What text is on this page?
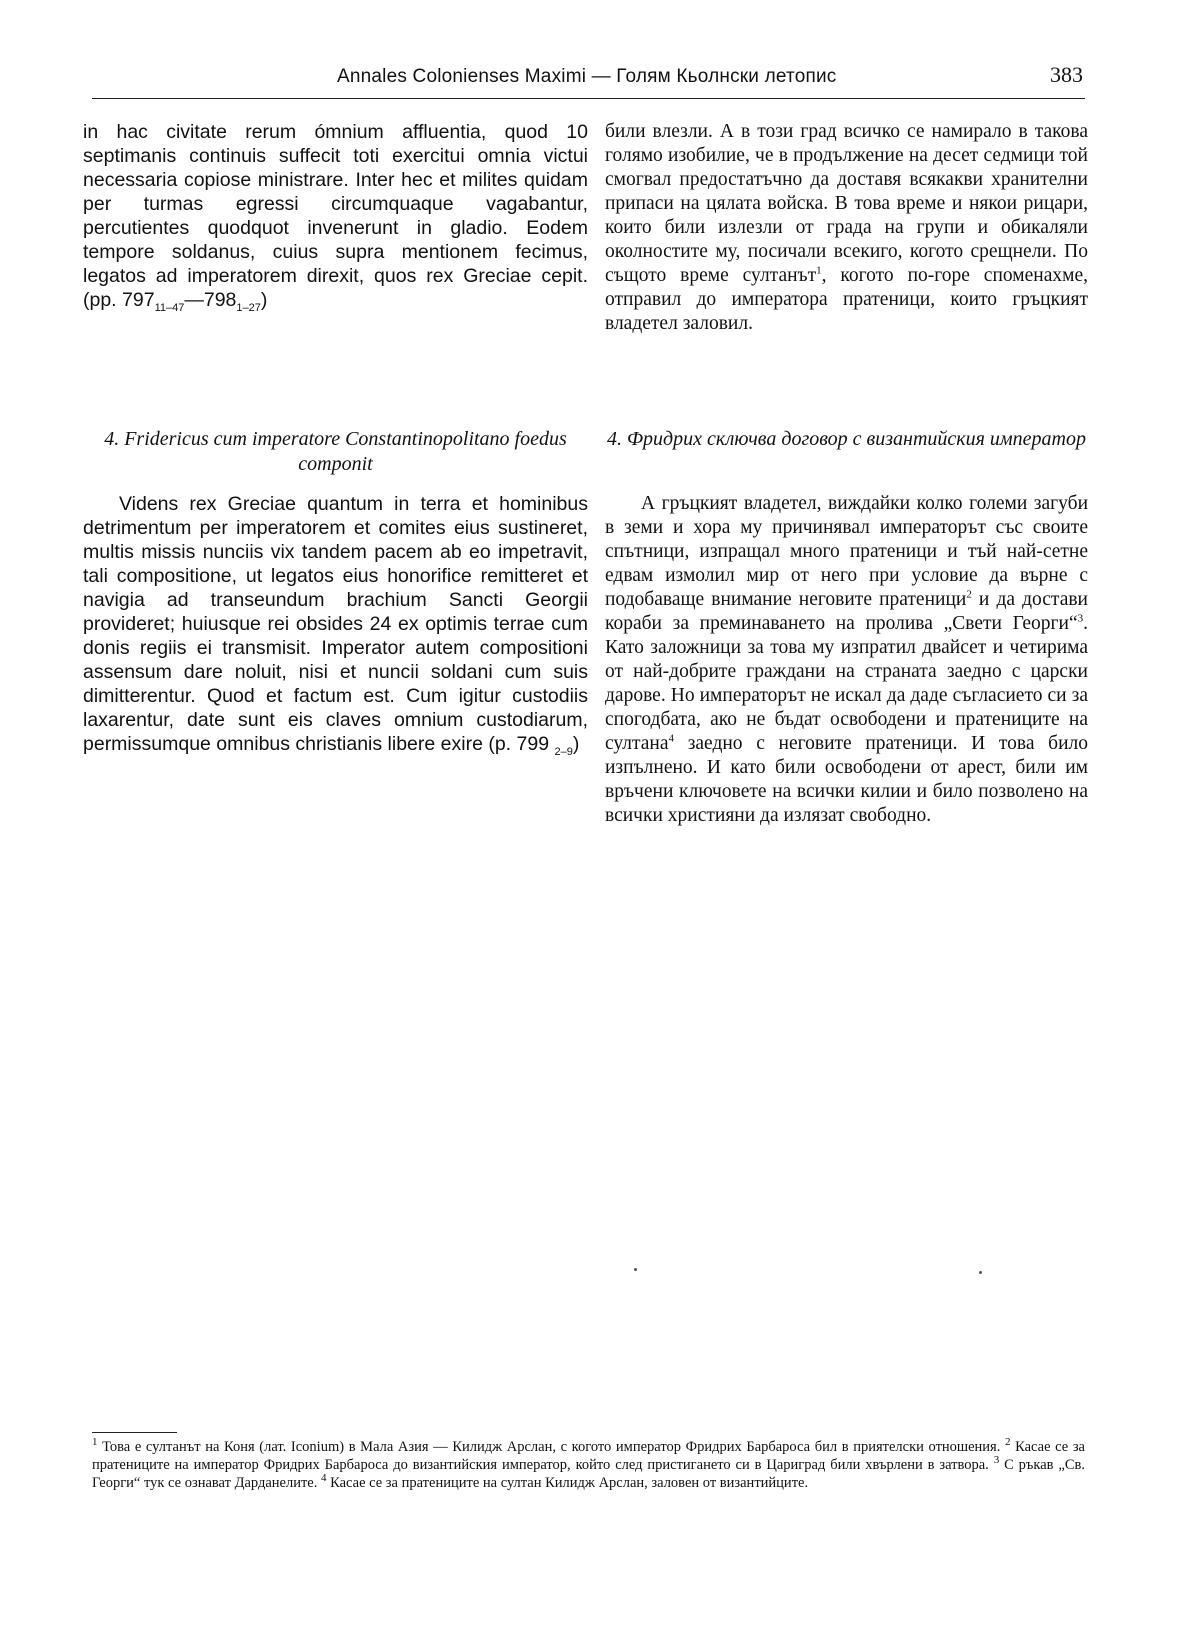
Annales Colonienses Maximi — Голям Кьолнски летопис	383

in hac civitate rerum ómnium affluentia, quod 10 septimanis continuis suffecit toti exercitui omnia victui necessaria copiose ministrare. Inter hec et milites quidam per turmas egressi circumquaque vagabantur, percutientes quodquot invenerunt in gladio. Eodem tempore soldanus, cuius supra mentionem fecimus, legatos ad imperatorem direxit, quos rex Greciae cepit. (pp. $797_{11-47}—798_{1-27}$)

били влезли. А в този град всичко се намирало в такова голямо изобилие, че в продължение на десет седмици той смогвал предостатъчно да доставя всякакви хранителни припаси на цялата войска. В това време и някои рицари, които били излезли от града на групи и обикаляли околностите му, посичали всекиго, когото срещнели. По същото време султанът$^1$, когото по-горе споменахме, отправил до императора пратеници, които гръцкият владетел заловил.

4. Fridericus cum imperatore Constantinopolitano foedus componit

4. Фридрих сключва договор с византийския император

Videns rex Greciae quantum in terra et hominibus detrimentum per imperatorem et comites eius sustineret, multis missis nunciis vix tandem pacem ab eo impetravit, tali compositione, ut legatos eius honorifice remitteret et navigia ad transeundum brachium Sancti Georgii provideret; huiusque rei obsides 24 ex optimis terrae cum donis regiis ei transmisit. Imperator autem compositioni assensum dare noluit, nisi et nuncii soldani cum suis dimitterentur. Quod et factum est. Cum igitur custodiis laxarentur, date sunt eis claves omnium custodiarum, permissumque omnibus christianis libere exire (p. 799 $_{2-9}$)

А гръцкият владетел, виждайки колко големи загуби в земи и хора му причинявал императорът със своите спътници, изпращал много пратеници и тъй най-сетне едвам измолил мир от него при условие да върне с подобаваще внимание неговите пратеници$^2$ и да достави кораби за преминаването на пролива „Свети Георги“$^3$. Като заложници за това му изпратил двайсет и четирима от най-добрите граждани на страната заедно с царски дарове. Но императорът не искал да даде съгласието си за спогодбата, ако не бъдат освободени и пратениците на султана$^4$ заедно с неговите пратеници. И това било изпълнено. И като били освободени от арест, били им връчени ключовете на всички килии и било позволено на всички християни да излязат свободно.

$^1$ Това е султанът на Коня (лат. Iconium) в Мала Азия — Килидж Арслан, с когото император Фридрих Барбароса бил в приятелски отношения. $^2$ Касае се за пратениците на император Фридрих Барбароса до византийския император, който след пристигането си в Цариград били хвърлени в затвора. $^3$ С ръкав „Св. Георги“ тук се ознават Дарданелите. $^4$ Касае се за пратениците на султан Килидж Арслан, заловен от византийците.
